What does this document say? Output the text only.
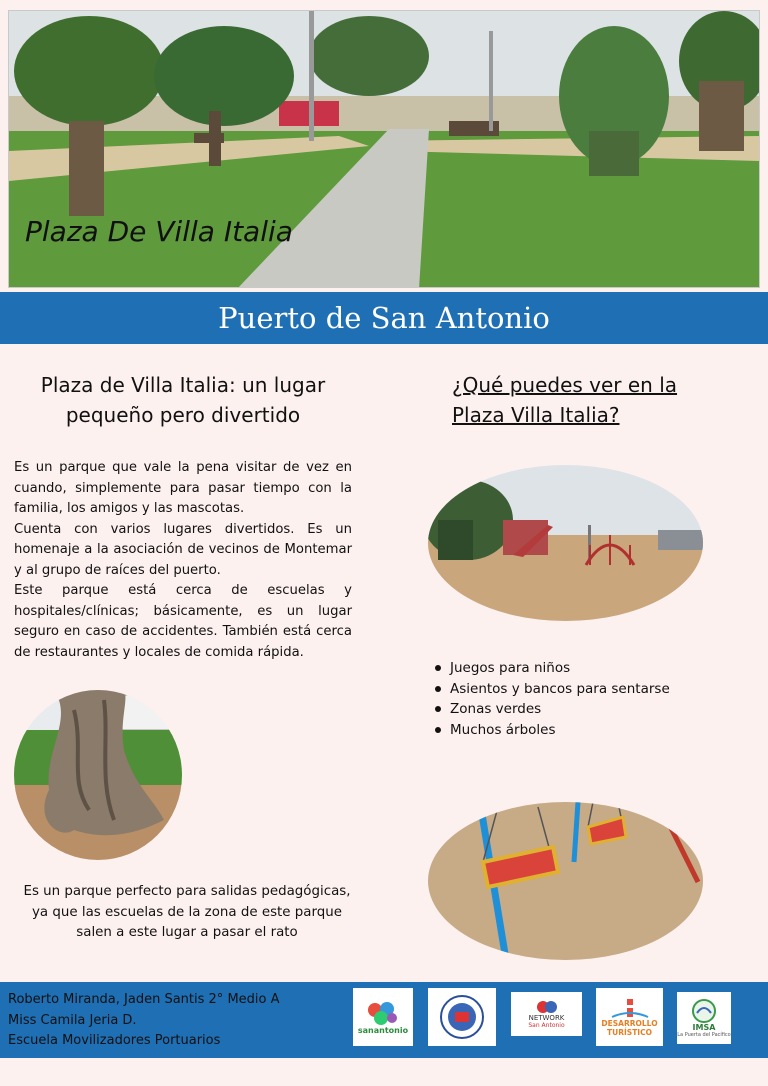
Plaza De Villa Italia
Puerto de San Antonio
Plaza de Villa Italia: un lugar
pequeño pero divertido
¿Qué puedes ver en la
Plaza Villa Italia?

Es un parque que vale la pena visitar de vez en cuando, simplemente para pasar tiempo con la familia, los amigos y las mascotas.

Cuenta con varios lugares divertidos. Es un homenaje a la asociación de vecinos de Montemar y al grupo de raíces del puerto.

Este parque está cerca de escuelas y hospitales/clínicas; básicamente, es un lugar seguro en caso de accidentes. También está cerca de restaurantes y locales de comida rápida.

Juegos para niños
Asientos y bancos para sentarse
Zonas verdes
Muchos árboles
Es un parque perfecto para salidas pedagógicas, ya que las escuelas de la zona de este parque salen a este lugar a pasar el rato
Roberto Miranda, Jaden Santis 2° Medio A
Miss Camila Jeria D.
Escuela Movilizadores Portuarios
sanantonio
NETWORK
San Antonio	DESARROLLO
TURÍSTICO
IMSA
La Puerta del Pacífico
